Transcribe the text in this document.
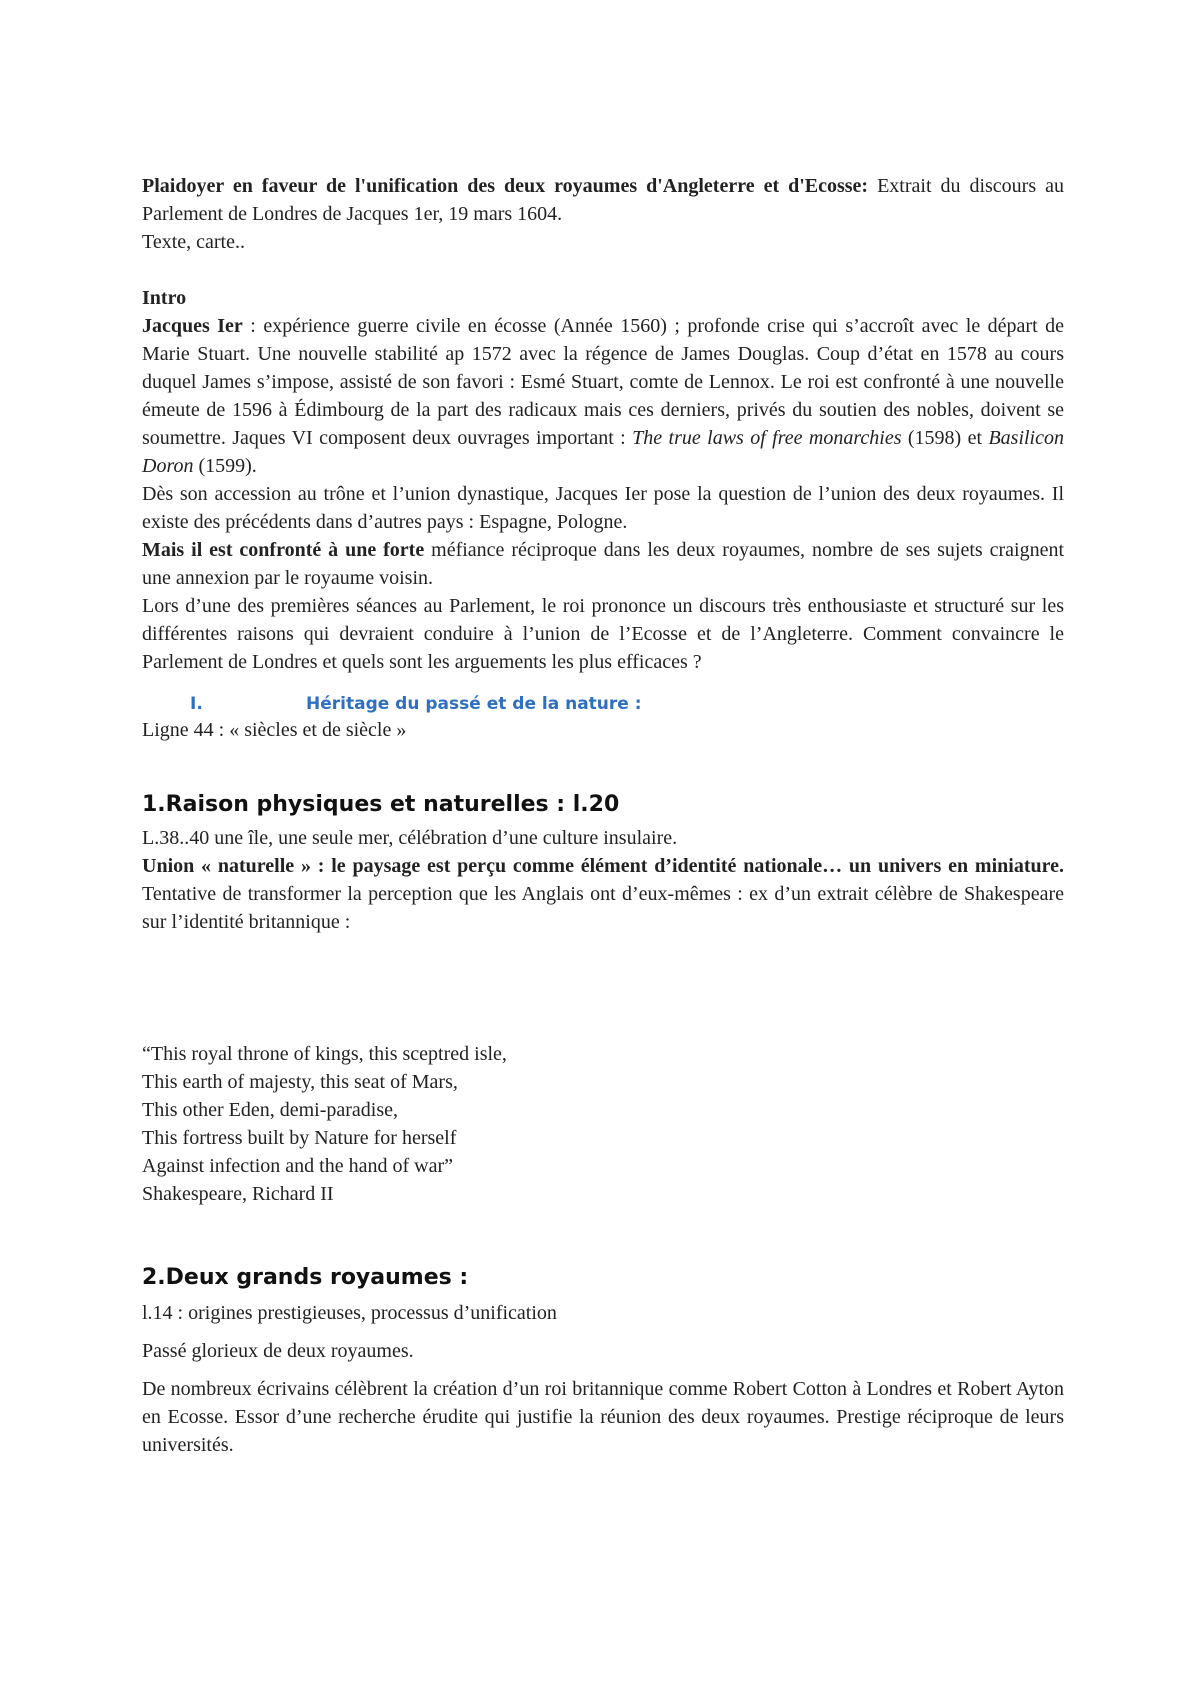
Plaidoyer en faveur de l'unification des deux royaumes d'Angleterre et d'Ecosse: Extrait du discours au Parlement de Londres de Jacques 1er, 19 mars 1604.

Texte, carte..

Intro

Jacques Ier : expérience guerre civile en écosse (Année 1560) ; profonde crise qui s’accroît avec le départ de Marie Stuart. Une nouvelle stabilité ap 1572 avec la régence de James Douglas. Coup d’état en 1578 au cours duquel James s’impose, assisté de son favori : Esmé Stuart, comte de Lennox. Le roi est confronté à une nouvelle émeute de 1596 à Édimbourg de la part des radicaux mais ces derniers, privés du soutien des nobles, doivent se soumettre. Jaques VI composent deux ouvrages important : The true laws of free monarchies (1598) et Basilicon Doron (1599).

Dès son accession au trône et l’union dynastique, Jacques Ier pose la question de l’union des deux royaumes. Il existe des précédents dans d’autres pays : Espagne, Pologne.

Mais il est confronté à une forte méfiance réciproque dans les deux royaumes, nombre de ses sujets craignent une annexion par le royaume voisin.

Lors d’une des premières séances au Parlement, le roi prononce un discours très enthousiaste et structuré sur les différentes raisons qui devraient conduire à l’union de l’Ecosse et de l’Angleterre. Comment convaincre le Parlement de Londres et quels sont les arguements les plus efficaces ?

I.	Héritage du passé et de la nature :

Ligne 44 : « siècles et de siècle »

1.Raison physiques et naturelles : l.20

L.38..40 une île, une seule mer, célébration d’une culture insulaire.

Union « naturelle » : le paysage est perçu comme élément d’identité nationale… un univers en miniature. Tentative de transformer la perception que les Anglais ont d’eux-mêmes : ex d’un extrait célèbre de Shakespeare sur l’identité britannique :

“This royal throne of kings, this sceptred isle,

This earth of majesty, this seat of Mars,

This other Eden, demi-paradise,

This fortress built by Nature for herself

Against infection and the hand of war”

Shakespeare, Richard II

2.Deux grands royaumes :

l.14 : origines prestigieuses, processus d’unification

Passé glorieux de deux royaumes.

De nombreux écrivains célèbrent la création d’un roi britannique comme Robert Cotton à Londres et Robert Ayton en Ecosse. Essor d’une recherche érudite qui justifie la réunion des deux royaumes. Prestige réciproque de leurs universités.
